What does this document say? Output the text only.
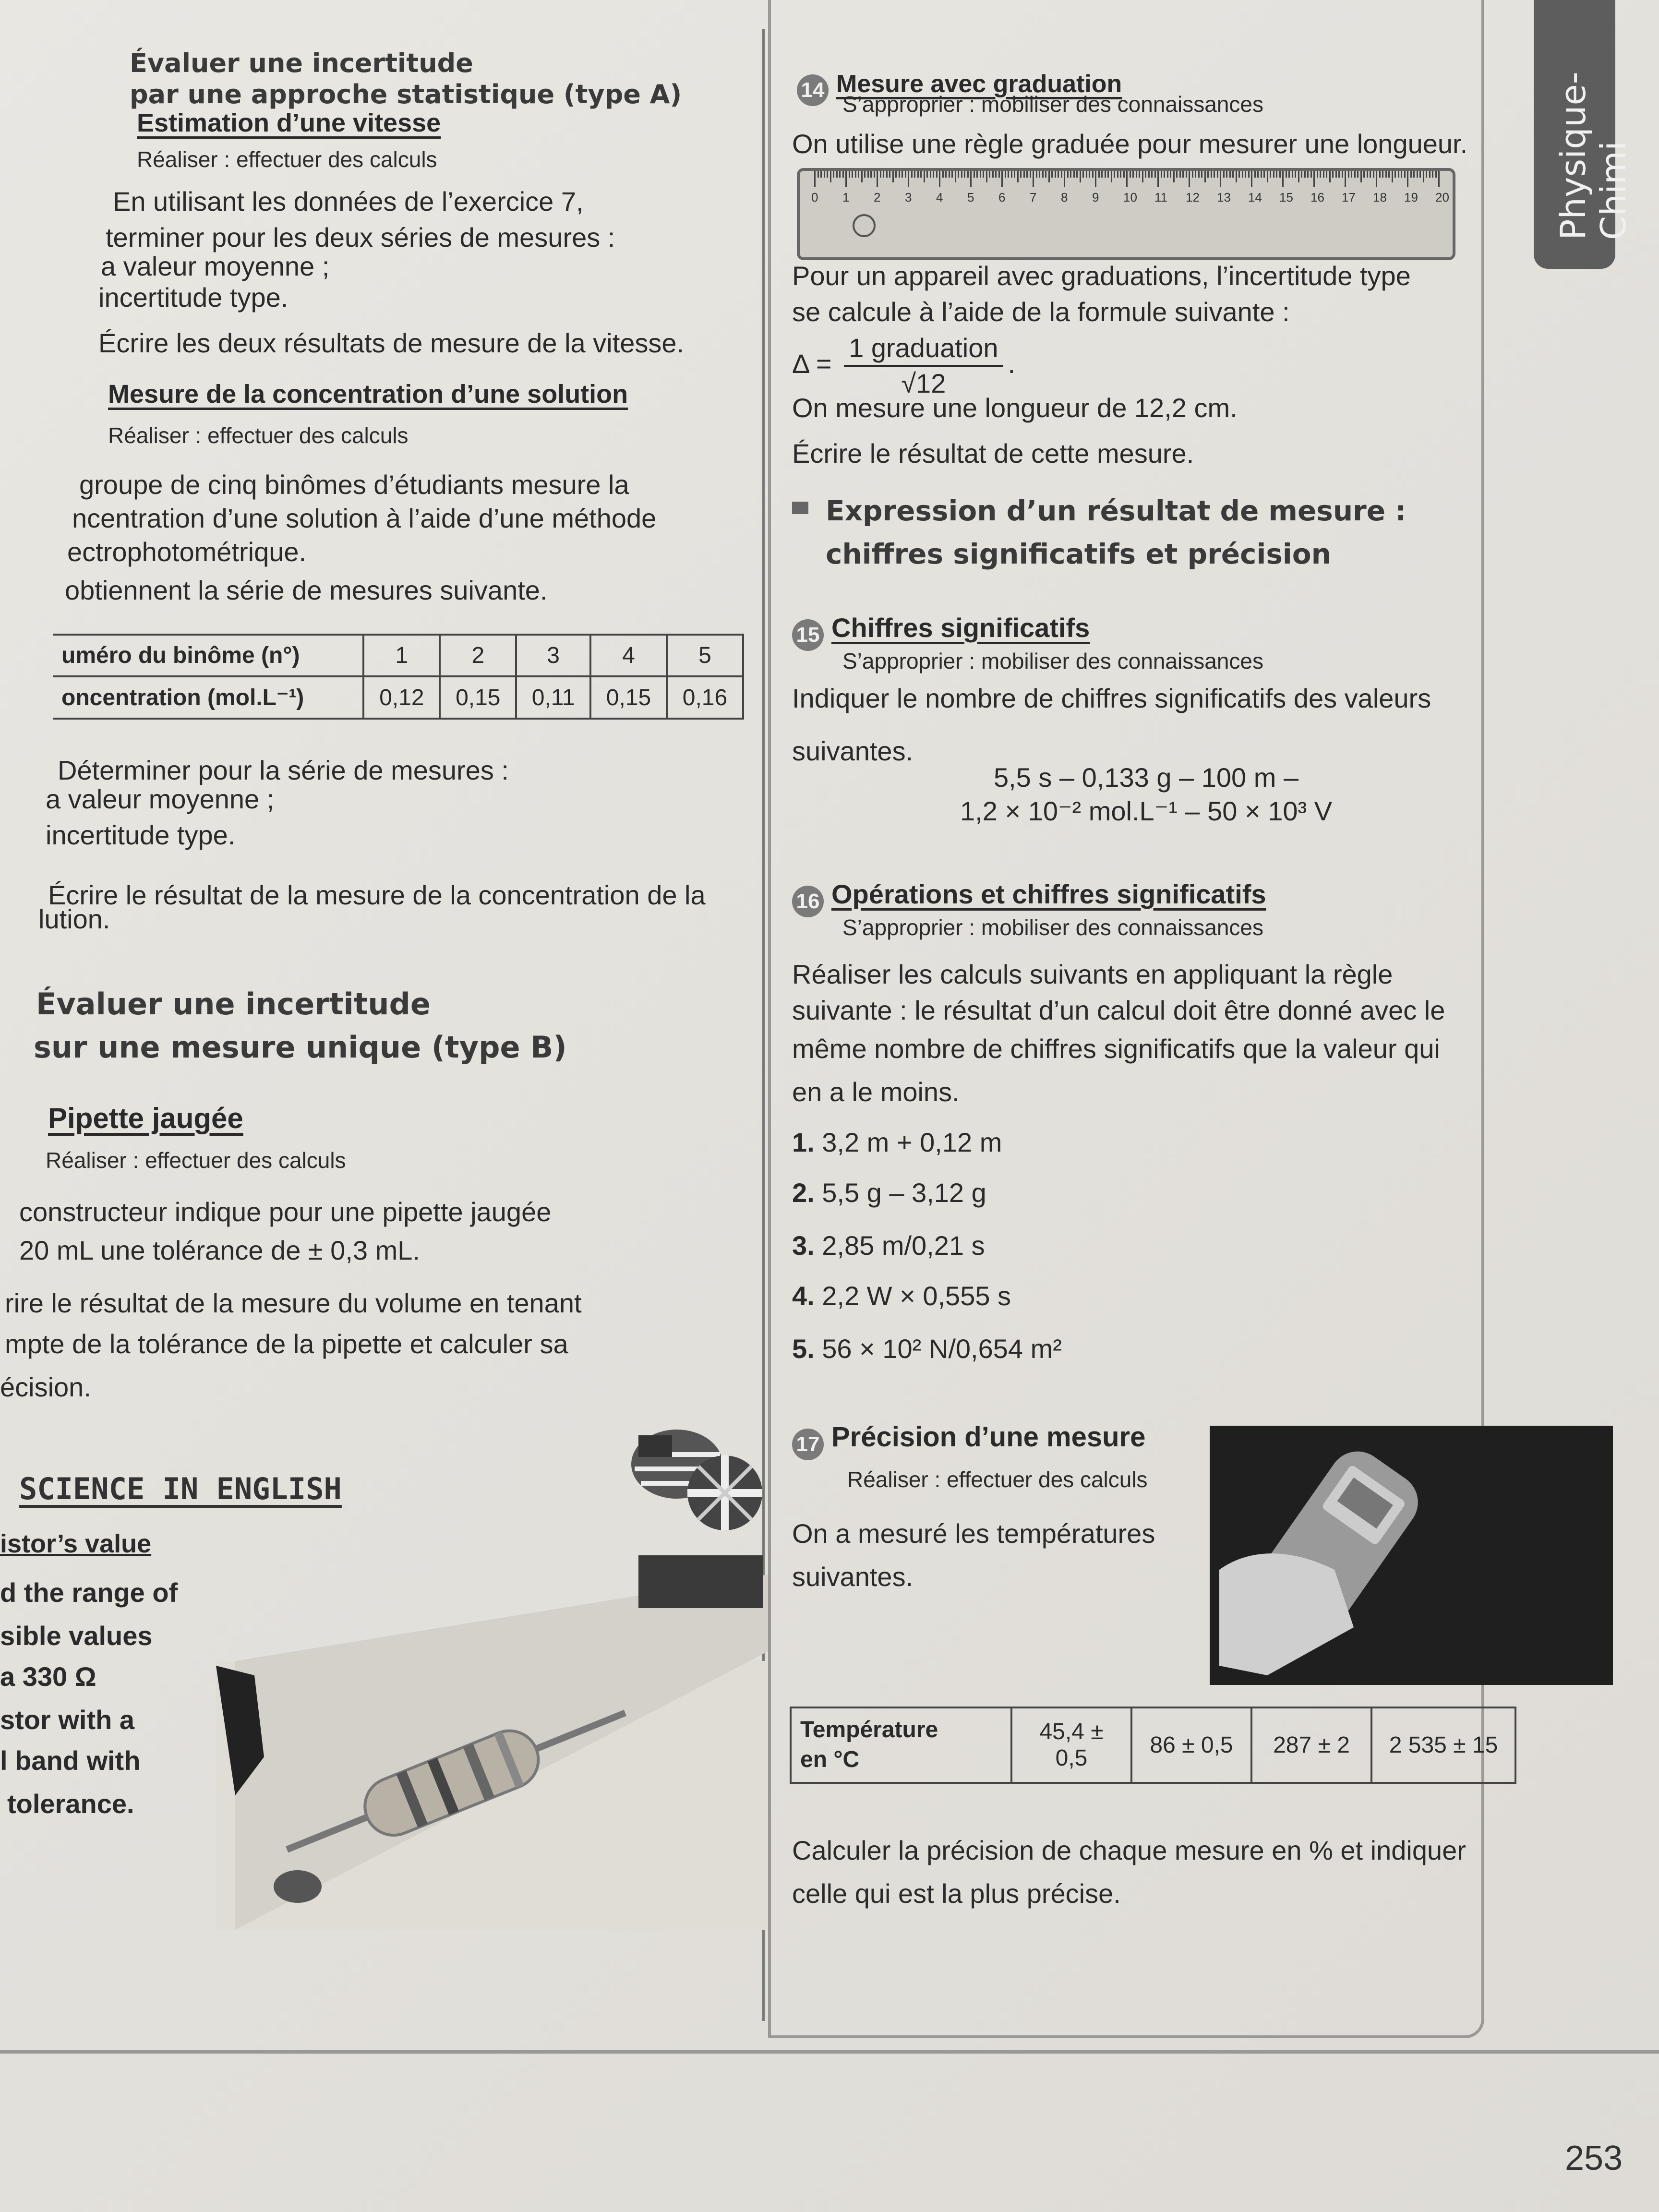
Physique-Chimi
Évaluer une incertitude
par une approche statistique (type A)
Estimation d’une vitesse
Réaliser : effectuer des calculs
En utilisant les données de l’exercice 7,
terminer pour les deux séries de mesures :
a valeur moyenne ;
incertitude type.
Écrire les deux résultats de mesure de la vitesse.
Mesure de la concentration d’une solution
Réaliser : effectuer des calculs
groupe de cinq binômes d’étudiants mesure la
ncentration d’une solution à l’aide d’une méthode
ectrophotométrique.
obtiennent la série de mesures suivante.
uméro du binôme (n°)	1	2	3	4	5
oncentration (mol.L⁻¹)	0,12	0,15	0,11	0,15	0,16
Déterminer pour la série de mesures :
a valeur moyenne ;
incertitude type.
Écrire le résultat de la mesure de la concentration de la
lution.
Évaluer une incertitude
sur une mesure unique (type B)
Pipette jaugée
Réaliser : effectuer des calculs
constructeur indique pour une pipette jaugée
20 mL une tolérance de ± 0,3 mL.
rire le résultat de la mesure du volume en tenant
mpte de la tolérance de la pipette et calculer sa
écision.
SCIENCE IN ENGLISH
istor’s value
d the range of
sible values
a 330 Ω
stor with a
l band with
tolerance.
14 Mesure avec graduation
S’approprier : mobiliser des connaissances
On utilise une règle graduée pour mesurer une longueur.
0 1 2 3 4 5 6 7 8 9 10 11 12 13 14 15 16 17 18 19 20
Pour un appareil avec graduations, l’incertitude type
se calcule à l’aide de la formule suivante :
$\Delta = \frac{\text{1 graduation}}{√12}$ .
On mesure une longueur de 12,2 cm.
Écrire le résultat de cette mesure.
Expression d’un résultat de mesure :
chiffres significatifs et précision
15 Chiffres significatifs
S’approprier : mobiliser des connaissances
Indiquer le nombre de chiffres significatifs des valeurs
suivantes.
5,5 s – 0,133 g – 100 m –
1,2 × 10⁻² mol.L⁻¹ – 50 × 10³ V
16 Opérations et chiffres significatifs
S’approprier : mobiliser des connaissances
Réaliser les calculs suivants en appliquant la règle
suivante : le résultat d’un calcul doit être donné avec le
même nombre de chiffres significatifs que la valeur qui
en a le moins.
1. 3,2 m + 0,12 m
2. 5,5 g – 3,12 g
3. 2,85 m/0,21 s
4. 2,2 W × 0,555 s
5. 56 × 10² N/0,654 m²
17 Précision d’une mesure
Réaliser : effectuer des calculs
On a mesuré les températures
suivantes.
Température
en °C	45,4 ± 0,5	86 ± 0,5	287 ± 2	2 535 ± 15
Calculer la précision de chaque mesure en % et indiquer
celle qui est la plus précise.
253
